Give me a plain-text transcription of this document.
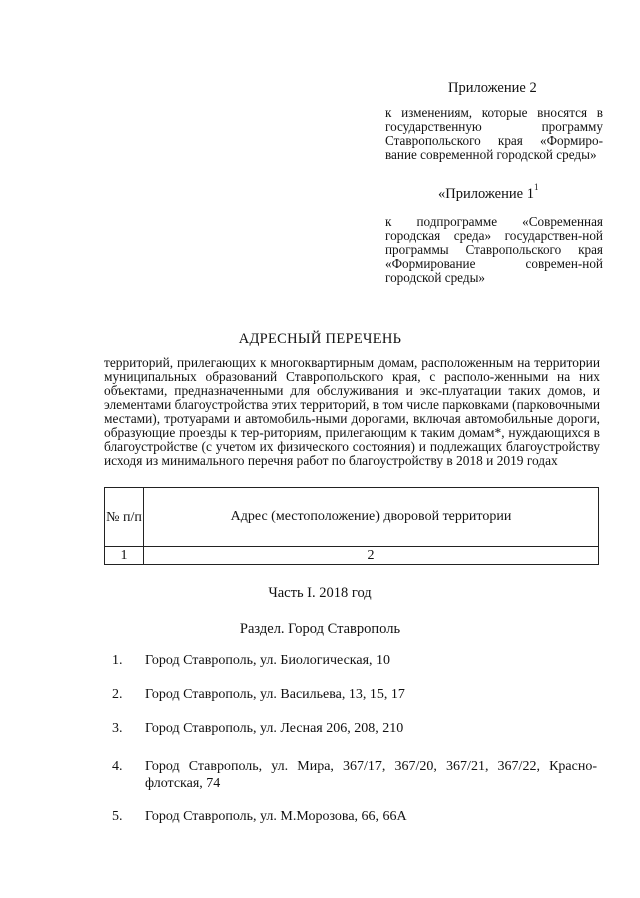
Приложение 2
к изменениям, которые вносятся в государственную программу Ставропольского края «Формиро-вание современной городской среды»
«Приложение $1^1$
к подпрограмме «Современная городская среда» государствен-ной программы Ставропольского края «Формирование современ-ной городской среды»
АДРЕСНЫЙ ПЕРЕЧЕНЬ
территорий, прилегающих к многоквартирным домам, расположенным на территории муниципальных образований Ставропольского края, с располо-женными на них объектами, предназначенными для обслуживания и экс-плуатации таких домов, и элементами благоустройства этих территорий, в том числе парковками (парковочными местами), тротуарами и автомобиль-ными дорогами, включая автомобильные дороги, образующие проезды к тер-риториям, прилегающим к таким домам*, нуждающихся в благоустройстве (с учетом их физического состояния) и подлежащих благоустройству исходя из минимального перечня работ по благоустройству в 2018 и 2019 годах
№ п/п	Адрес (местоположение) дворовой территории
1	2
Часть I. 2018 год
Раздел. Город Ставрополь
1.	Город Ставрополь, ул. Биологическая, 10
2.	Город Ставрополь, ул. Васильева, 13, 15, 17
3.	Город Ставрополь, ул. Лесная 206, 208, 210
4.	Город Ставрополь, ул. Мира, 367/17, 367/20, 367/21, 367/22, Красно-флотская, 74
5.	Город Ставрополь, ул. М.Морозова, 66, 66А
